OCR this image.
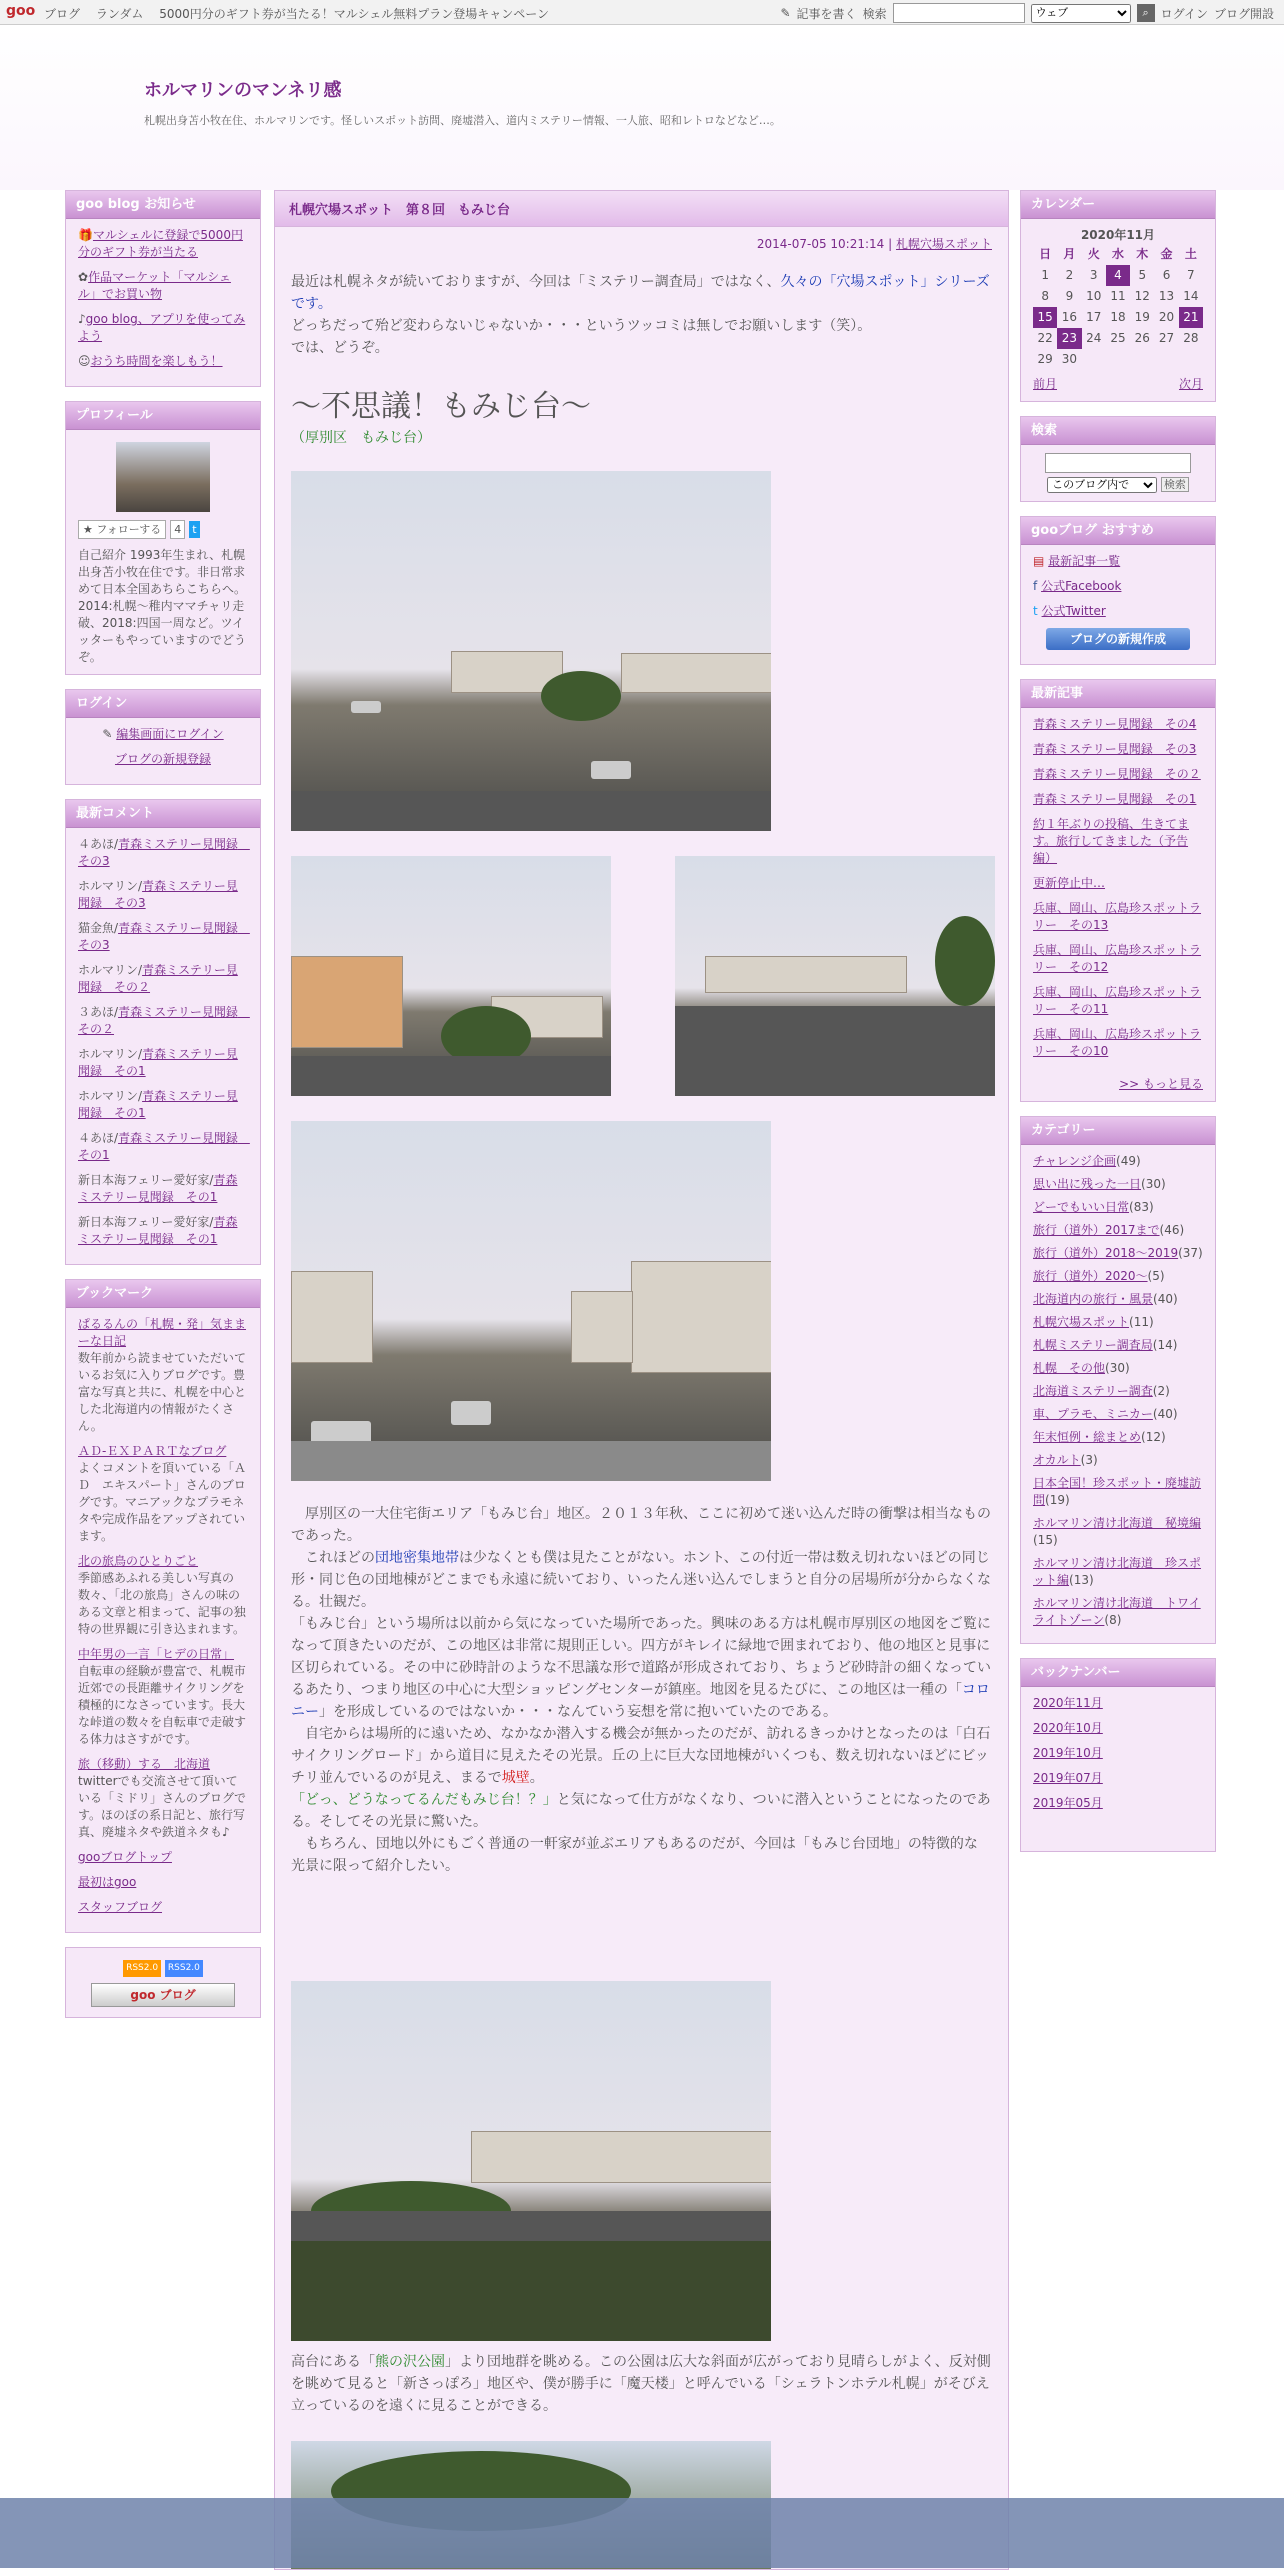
goo ブログ ランダム 5000円分のギフト券が当たる！マルシェル無料プラン登場キャンペーン	✎ 記事を書く 検索
ウェブ	⌕ ログイン ブログ開設
ホルマリンのマンネリ感
札幌出身苫小牧在住、ホルマリンです。怪しいスポット訪問、廃墟潜入、道内ミステリー情報、一人旅、昭和レトロなどなど…。
goo blog お知らせ
🎁マルシェルに登録で5000円分のギフト券が当たる
✿作品マーケット「マルシェル」でお買い物
♪goo blog、アプリを使ってみよう
☺おうち時間を楽しもう！
プロフィール
★ フォローする	4	t
自己紹介 1993年生まれ、札幌出身苫小牧在住です。非日常求めて日本全国あちらこちらへ。2014:札幌～稚内ママチャリ走破、2018:四国一周など。ツイッターもやっていますのでどうぞ。
ログイン
✎ 編集画面にログイン
ブログの新規登録
最新コメント
４あほ/青森ミステリー見聞録　その3
ホルマリン/青森ミステリー見聞録　その3
猫金魚/青森ミステリー見聞録　その3
ホルマリン/青森ミステリー見聞録　その２
３あほ/青森ミステリー見聞録　その２
ホルマリン/青森ミステリー見聞録　その1
ホルマリン/青森ミステリー見聞録　その1
４あほ/青森ミステリー見聞録　その1
新日本海フェリー愛好家/青森ミステリー見聞録　その1
新日本海フェリー愛好家/青森ミステリー見聞録　その1
ブックマーク
ぱるるんの「札幌・発」気ままーな日記
数年前から読ませていただいているお気に入りブログです。豊富な写真と共に、札幌を中心とした北海道内の情報がたくさん。
ＡＤ-ＥＸＰＡＲＴなブログ
よくコメントを頂いている「ＡＤ　エキスパート」さんのブログです。マニアックなプラモネタや完成作品をアップされています。
北の旅鳥のひとりごと
季節感あふれる美しい写真の数々、「北の旅鳥」さんの味のある文章と相まって、記事の独特の世界観に引き込まれます。
中年男の一言「ヒデの日常」
自転車の経験が豊富で、札幌市近郊での長距離サイクリングを積極的になさっています。長大な峠道の数々を自転車で走破する体力はさすがです。
旅（移動）する　北海道
twitterでも交流させて頂いている「ミドリ」さんのブログです。ほのぼの系日記と、旅行写真、廃墟ネタや鉄道ネタも♪
gooブログトップ
最初はgoo
スタッフブログ
RSS2.0 RSS2.0
goo ブログ
札幌穴場スポット　第８回　もみじ台
2014-07-05 10:21:14 | 札幌穴場スポット
最近は札幌ネタが続いておりますが、今回は「ミステリー調査局」ではなく、久々の「穴場スポット」シリーズです。
どっちだって殆ど変わらないじゃないか・・・というツッコミは無しでお願いします（笑）。
では、どうぞ。
～不思議！もみじ台～
（厚別区　もみじ台）
　厚別区の一大住宅街エリア「もみじ台」地区。２０１３年秋、ここに初めて迷い込んだ時の衝撃は相当なものであった。
　これほどの団地密集地帯は少なくとも僕は見たことがない。ホント、この付近一帯は数え切れないほどの同じ形・同じ色の団地棟がどこまでも永遠に続いており、いったん迷い込んでしまうと自分の居場所が分からなくなる。壮観だ。
「もみじ台」という場所は以前から気になっていた場所であった。興味のある方は札幌市厚別区の地図をご覧になって頂きたいのだが、この地区は非常に規則正しい。四方がキレイに緑地で囲まれており、他の地区と見事に区切られている。その中に砂時計のような不思議な形で道路が形成されており、ちょうど砂時計の細くなっているあたり、つまり地区の中心に大型ショッピングセンターが鎮座。地図を見るたびに、この地区は一種の「コロニー」を形成しているのではないか・・・なんていう妄想を常に抱いていたのである。
　自宅からは場所的に遠いため、なかなか潜入する機会が無かったのだが、訪れるきっかけとなったのは「白石サイクリングロード」から道目に見えたその光景。丘の上に巨大な団地棟がいくつも、数え切れないほどにビッチリ並んでいるのが見え、まるで城壁。
「どっ、どうなってるんだもみじ台！？」と気になって仕方がなくなり、ついに潜入ということになったのである。そしてその光景に驚いた。
　もちろん、団地以外にもごく普通の一軒家が並ぶエリアもあるのだが、今回は「もみじ台団地」の特徴的な光景に限って紹介したい。
高台にある「熊の沢公園」より団地群を眺める。この公園は広大な斜面が広がっており見晴らしがよく、反対側を眺めて見ると「新さっぽろ」地区や、僕が勝手に「魔天楼」と呼んでいる「シェラトンホテル札幌」がそびえ立っているのを遠くに見ることができる。
カレンダー
2020年11月
日	月	火	水	木	金	土
1	2	3	4	5	6	7
8	9	10	11	12	13	14
15	16	17	18	19	20	21
22	23	24	25	26	27	28
29	30					
前月	次月
検索

このブログ内で 検索
gooブログ おすすめ
▤ 最新記事一覧
f 公式Facebook
t 公式Twitter
ブログの新規作成
最新記事
青森ミステリー見聞録　その4
青森ミステリー見聞録　その3
青森ミステリー見聞録　その２
青森ミステリー見聞録　その1
約１年ぶりの投稿、生きてます。旅行してきました（予告編）
更新停止中…
兵庫、岡山、広島珍スポットラリー　その13
兵庫、岡山、広島珍スポットラリー　その12
兵庫、岡山、広島珍スポットラリー　その11
兵庫、岡山、広島珍スポットラリー　その10
>> もっと見る
カテゴリー
チャレンジ企画(49)
思い出に残った一日(30)
どーでもいい日常(83)
旅行（道外）2017まで(46)
旅行（道外）2018～2019(37)
旅行（道外）2020～(5)
北海道内の旅行・風景(40)
札幌穴場スポット(11)
札幌ミステリー調査局(14)
札幌　その他(30)
北海道ミステリー調査(2)
車、プラモ、ミニカー(40)
年末恒例・総まとめ(12)
オカルト(3)
日本全国！珍スポット・廃墟訪問(19)
ホルマリン清け北海道　秘境編(15)
ホルマリン清け北海道　珍スポット編(13)
ホルマリン清け北海道　トワイライトゾーン(8)
バックナンバー
2020年11月
2020年10月
2019年10月
2019年07月
2019年05月
